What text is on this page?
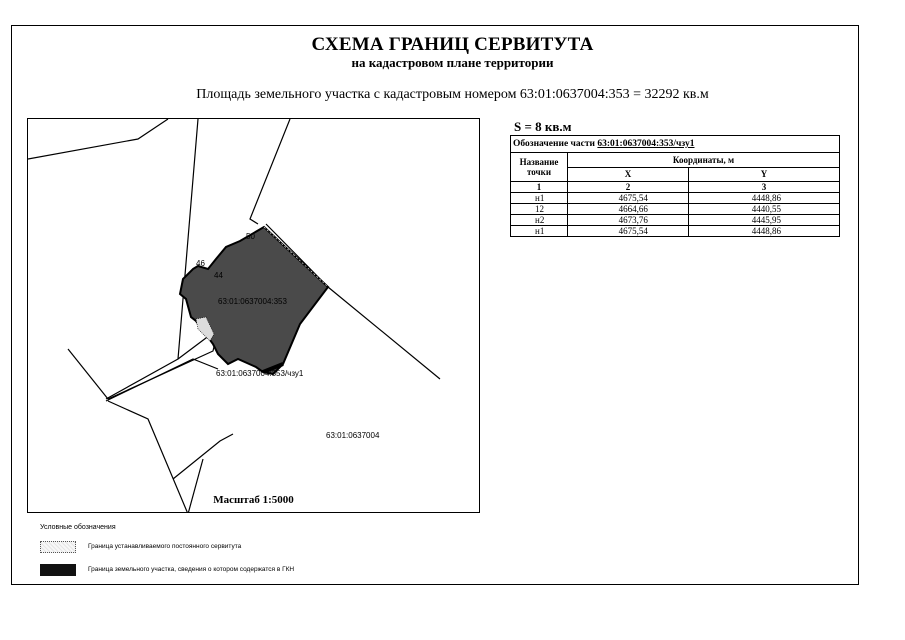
СХЕМА ГРАНИЦ СЕРВИТУТА
на кадастровом плане территории
Площадь земельного участка с кадастровым номером 63:01:0637004:353 = 32292 кв.м
46
50
44
63:01:0637004:353
63:01:0637004:353/чзу1
63:01:0637004
Масштаб 1:5000
S = 8 кв.м
Обозначение части 63:01:0637004:353/чзу1		
Название точки	Координаты, м	
	X	Y
1	2	3
н1	4675,54	4448,86
12	4664,66	4440,55
н2	4673,76	4445,95
н1	4675,54	4448,86
Условные обозначения
Граница устанавливаемого постоянного сервитута
Граница земельного участка, сведения о котором содержатся в ГКН
